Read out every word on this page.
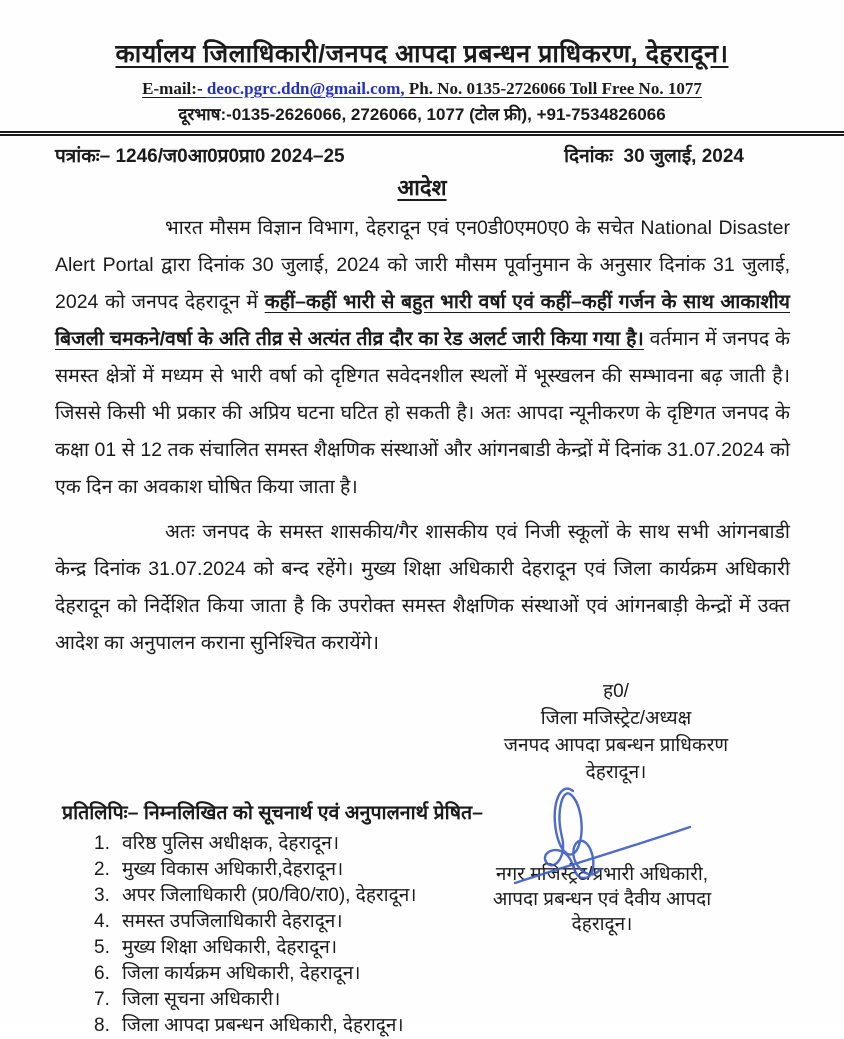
कार्यालय जिलाधिकारी/जनपद आपदा प्रबन्धन प्राधिकरण, देहरादून।
E-mail:- deoc.pgrc.ddn@gmail.com, Ph. No. 0135-2726066 Toll Free No. 1077
दूरभाष:-0135-2626066, 2726066, 1077 (टोल फ्री), +91-7534826066
पत्रांकः– 1246/ज0आ0प्र0प्रा0 2024–25	दिनांकः  30 जुलाई, 2024
आदेश

भारत मौसम विज्ञान विभाग, देहरादून एवं एन0डी0एम0ए0 के सचेत National Disaster Alert Portal द्वारा दिनांक 30 जुलाई, 2024 को जारी मौसम पूर्वानुमान के अनुसार दिनांक 31 जुलाई, 2024 को जनपद देहरादून में कहीं–कहीं भारी से बहुत भारी वर्षा एवं कहीं–कहीं गर्जन के साथ आकाशीय बिजली चमकने/वर्षा के अति तीव्र से अत्यंत तीव्र दौर का रेड अलर्ट जारी किया गया है। वर्तमान में जनपद के समस्त क्षेत्रों में मध्यम से भारी वर्षा को दृष्टिगत सवेदनशील स्थलों में भूस्खलन की सम्भावना बढ़ जाती है। जिससे किसी भी प्रकार की अप्रिय घटना घटित हो सकती है। अतः आपदा न्यूनीकरण के दृष्टिगत जनपद के कक्षा 01 से 12 तक संचालित समस्त शैक्षणिक संस्थाओं और आंगनबाडी केन्द्रों में दिनांक 31.07.2024 को एक दिन का अवकाश घोषित किया जाता है।

अतः जनपद के समस्त शासकीय/गैर शासकीय एवं निजी स्कूलों के साथ सभी आंगनबाडी केन्द्र दिनांक 31.07.2024 को बन्द रहेंगे। मुख्य शिक्षा अधिकारी देहरादून एवं जिला कार्यक्रम अधिकारी देहरादून को निर्देशित किया जाता है कि उपरोक्त समस्त शैक्षणिक संस्थाओं एवं आंगनबाड़ी केन्द्रों में उक्त आदेश का अनुपालन कराना सुनिश्चित करायेंगे।

ह0/
जिला मजिस्ट्रेट/अध्यक्ष
जनपद आपदा प्रबन्धन प्राधिकरण
देहरादून।
प्रतिलिपिः– निम्नलिखित को सूचनार्थ एवं अनुपालनार्थ प्रेषित–
1. वरिष्ठ पुलिस अधीक्षक, देहरादून।
2. मुख्य विकास अधिकारी,देहरादून।
3. अपर जिलाधिकारी (प्र0/वि0/रा0), देहरादून।
4. समस्त उपजिलाधिकारी देहरादून।
5. मुख्य शिक्षा अधिकारी, देहरादून।
6. जिला कार्यक्रम अधिकारी, देहरादून।
7. जिला सूचना अधिकारी।
8. जिला आपदा प्रबन्धन अधिकारी, देहरादून।
नगर मजिस्ट्रेट/प्रभारी अधिकारी,
आपदा प्रबन्धन एवं दैवीय आपदा
देहरादून।
